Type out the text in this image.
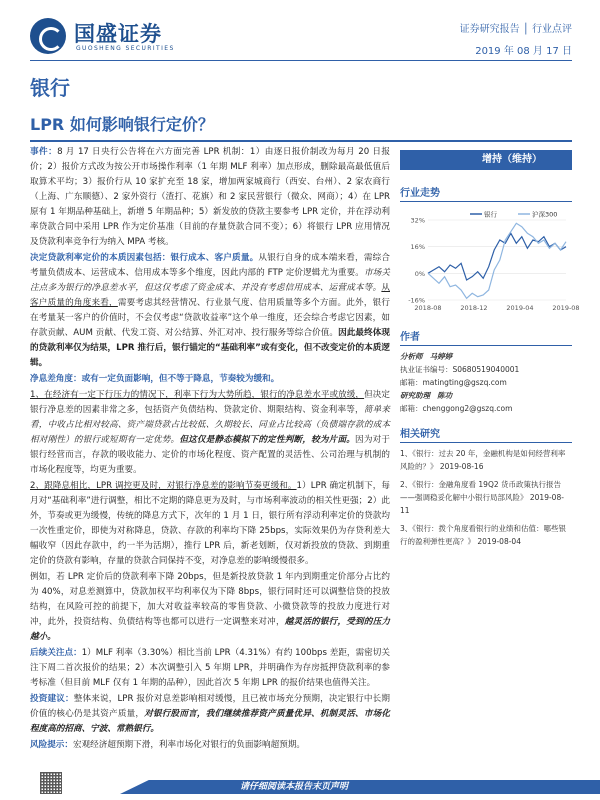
国盛证券
GUOSHENG SECURITIES
证券研究报告 │ 行业点评
2019 年 08 月 17 日
银行
LPR 如何影响银行定价？

事件：8 月 17 日央行公告将在六方面完善 LPR 机制：1）由逐日报价制改为每月 20 日报价；2）报价方式改为按公开市场操作利率（1 年期 MLF 利率）加点形成，删除最高最低值后取算术平均；3）报价行从 10 家扩充至 18 家，增加两家城商行（西安、台州）、2 家农商行（上海、广东顺德）、2 家外资行（渣打、花旗）和 2 家民营银行（微众、网商）；4）在 LPR 原有 1 年期品种基础上，新增 5 年期品种；5）新发放的贷款主要参考 LPR 定价，并在浮动利率贷款合同中采用 LPR 作为定价基准（目前的存量贷款合同不变）；6）将银行 LPR 应用情况及贷款利率竞争行为纳入 MPA 考核。

决定贷款利率定价的本质因素包括：银行成本、客户质量。从银行自身的成本端来看，需综合考量负债成本、运营成本、信用成本等多个维度，因此内部的 FTP 定价逻辑尤为重要。市场关注点多为银行的净息差水平，但这仅考虑了资金成本、并没有考虑信用成本、运营成本等。从客户质量的角度来看，需要考虑其经营情况、行业景气度、信用质量等多个方面。此外，银行在考量某一客户的价值时，不会仅考虑“贷款收益率”这个单一维度，还会综合考虑它因素，如存款贡献、AUM 贡献、代发工资、对公结算、外汇对冲、投行服务等综合价值。因此最终体现的贷款利率仅为结果，LPR 推行后，银行锚定的“基础利率”或有变化，但不改变定价的本质逻辑。

净息差角度：或有一定负面影响，但不等于降息，节奏较为缓和。

1、在经济有一定下行压力的情况下，利率下行为大势所趋，银行的净息差水平或放缓，但决定银行净息差的因素非常之多，包括资产负债结构、贷款定价、期限结构、资金利率等，简单来看，中收占比相对较高、资产端贷款占比较低、久期较长、同业占比较高（负债端存款的成本相对刚性）的银行或短期有一定优势。但这仅是静态模拟下的定性判断，较为片面。因为对于银行经营而言，存款的吸收能力、定价的市场化程度、资产配置的灵活性、公司治理与机制的市场化程度等，均更为重要。

2、跟降息相比，LPR 调控更及时，对银行净息差的影响节奏更缓和。1）LPR 确定机制下，每月对“基础利率”进行调整，相比不定期的降息更为及时，与市场利率波动的相关性更强；2）此外，节奏或更为缓慢，传统的降息方式下，次年的 1 月 1 日，银行所有浮动利率定价的贷款均一次性重定价，即使为对称降息，贷款、存款的利率均下降 25bps，实际效果仍为存贷利差大幅收窄（因此存款中，约一半为活期），推行 LPR 后，新老划断，仅对新投放的贷款、到期重定价的贷款有影响，存量的贷款合同保持不变，对净息差的影响缓慢很多。

例如，若 LPR 定价后的贷款利率下降 20bps，但是新投放贷款 1 年内到期重定价部分占比约为 40%，对息差测算中，贷款加权平均利率仅为下降 8bps，银行同时还可以调整信贷的投放结构，在风险可控的前提下，加大对收益率较高的零售贷款、小微贷款等的投放力度进行对冲，此外，投资结构、负债结构等也都可以进行一定调整来对冲，越灵活的银行，受到的压力越小。

后续关注点：1）MLF 利率（3.30%）相比当前 LPR（4.31%）有约 100bps 差距，需密切关注下周二首次报价的结果；2）本次调整引入 5 年期 LPR，并明确作为存房抵押贷款利率的参考标准（但目前 MLF 仅有 1 年期的品种），因此首次 5 年期 LPR 的报价结果也值得关注。

投资建议：整体来说，LPR 报价对息差影响相对缓慢，且已被市场充分预期，决定银行中长期价值的核心仍是其资产质量，对银行股而言，我们继续推荐资产质量优异、机制灵活、市场化程度高的招商、宁波、常熟银行。

风险提示：宏观经济超预期下滑，利率市场化对银行的负面影响超预期。

增持（维持）
行业走势
32%
16%
0%
-16%
2018-08	2018-12	2019-04	2019-08
银行	沪深300
作者
分析师 马婷婷
执业证书编号：S0680519040001
邮箱：matingting@gszq.com
研究助理 陈功
邮箱：chenggong2@gszq.com
相关研究

1、《银行：过去 20 年，金融机构是如何经营利率风险的？》 2019-08-16

2、《银行：金融角度看 19Q2 货币政策执行报告——强调稳妥化解中小银行局部风险》 2019-08-11

3、《银行：拨个角度看银行的业绩和估值：哪些银行的盈利弹性更高？》 2019-08-04

请仔细阅读本报告末页声明
